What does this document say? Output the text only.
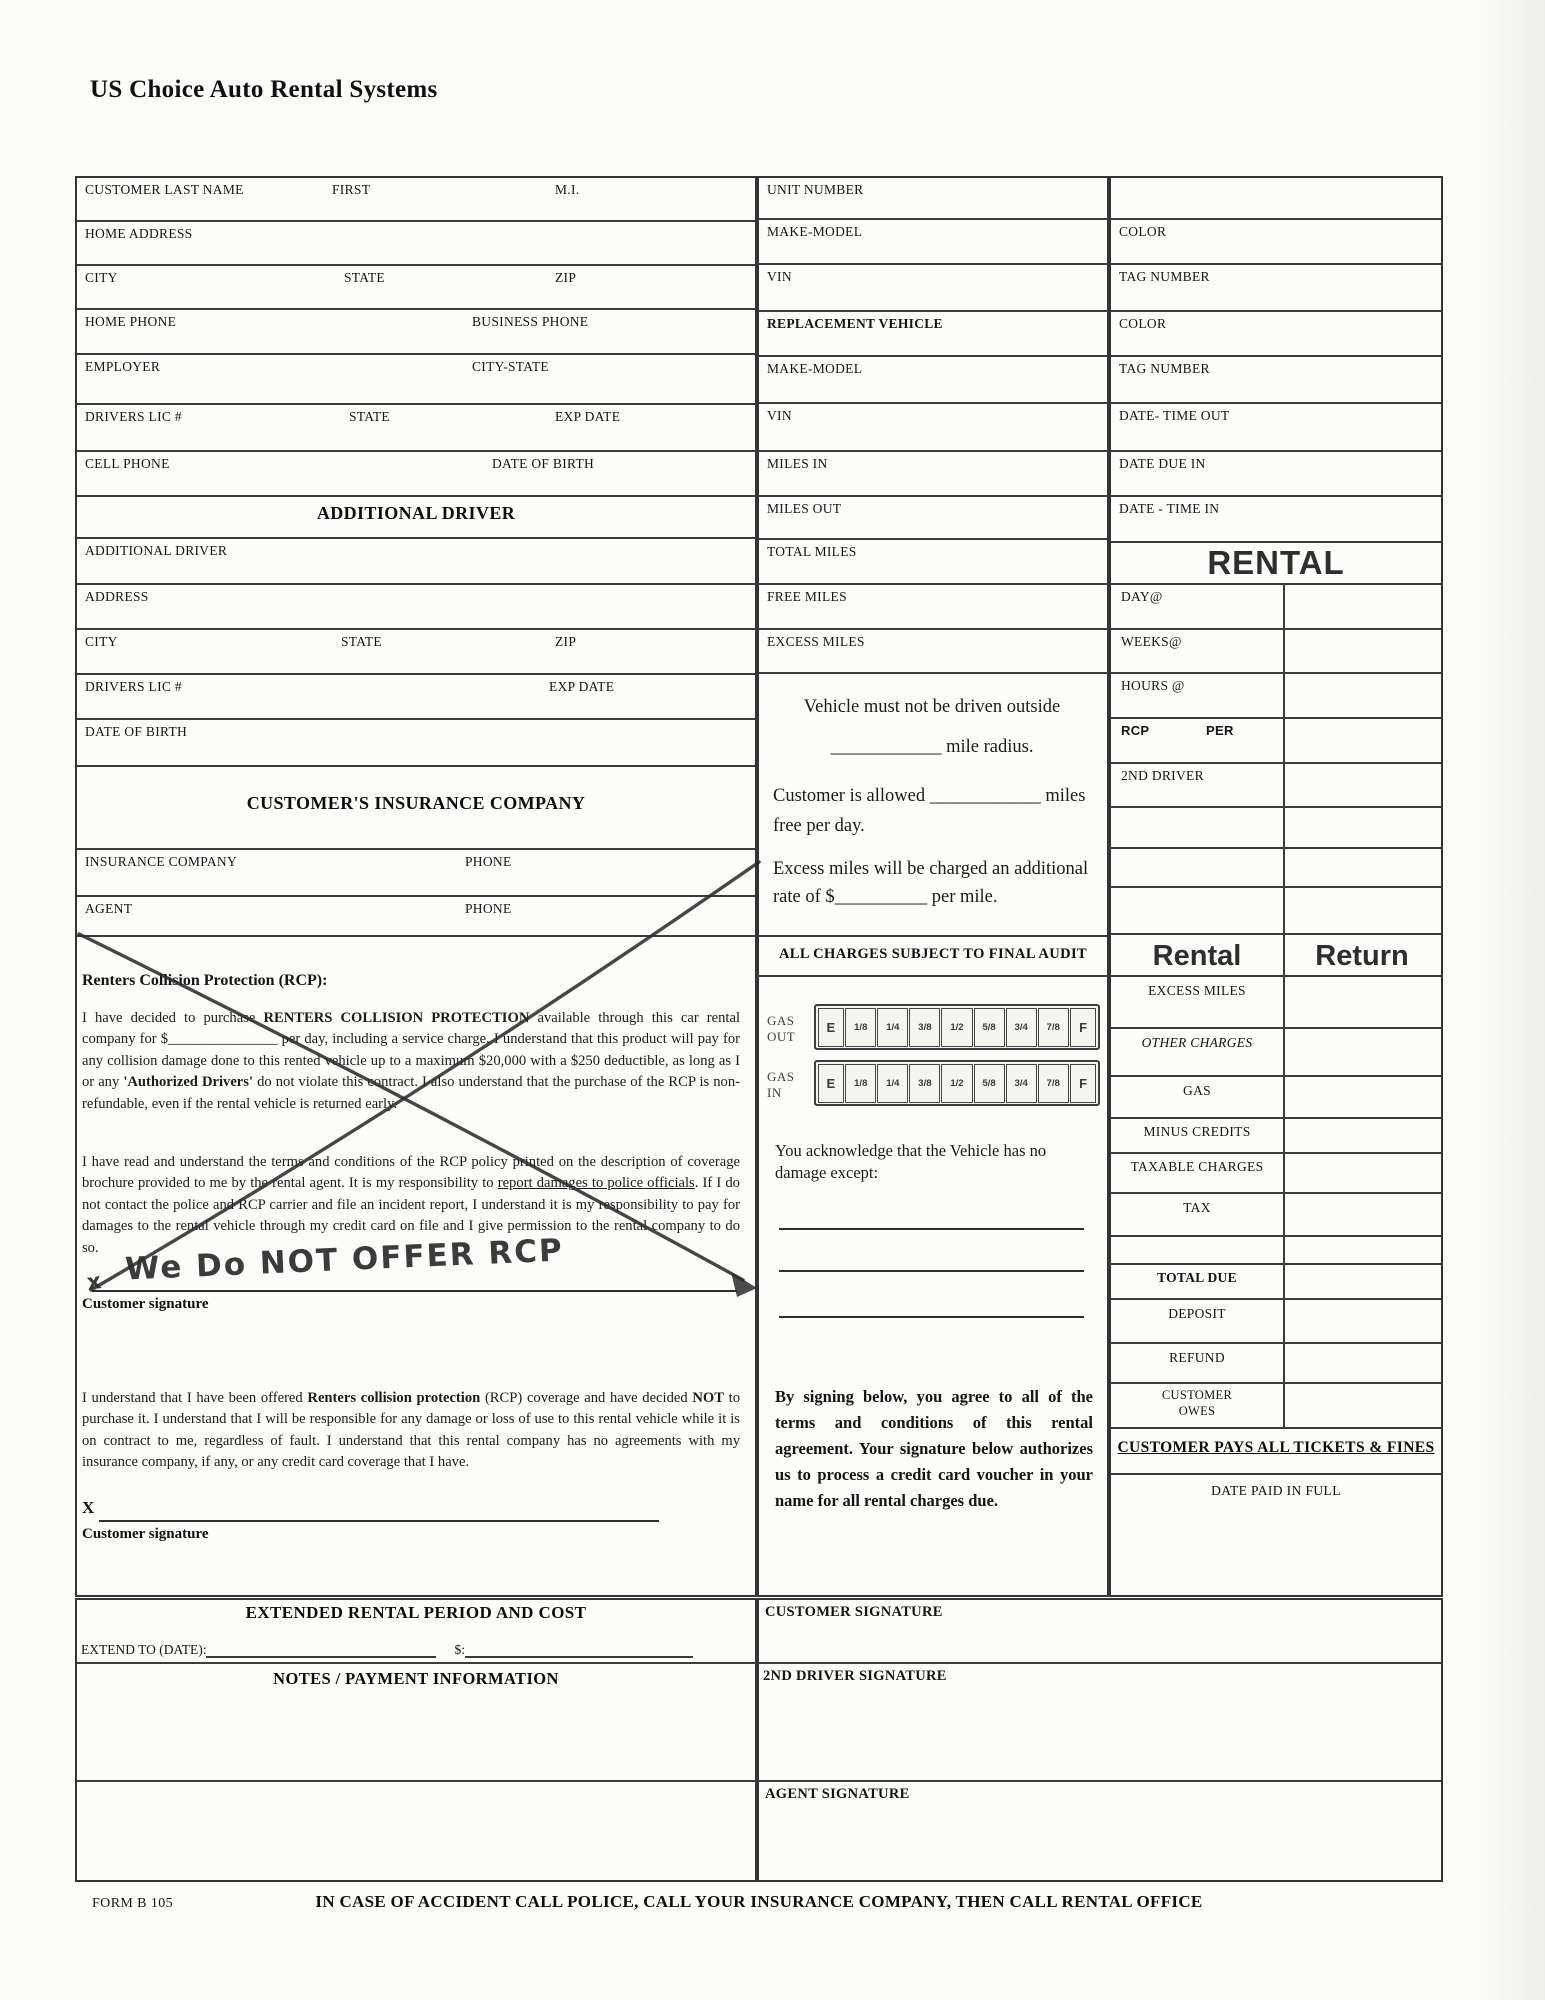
US Choice Auto Rental Systems
CUSTOMER LAST NAME	FIRST	M.I.
HOME ADDRESS
CITY	STATE	ZIP
HOME PHONE	BUSINESS PHONE
EMPLOYER	CITY-STATE
DRIVERS LIC #	STATE	EXP DATE
CELL PHONE	DATE OF BIRTH
ADDITIONAL DRIVER
ADDITIONAL DRIVER
ADDRESS
CITY	STATE	ZIP
DRIVERS LIC #	EXP DATE
DATE OF BIRTH
CUSTOMER'S INSURANCE COMPANY
INSURANCE COMPANY	PHONE
AGENT	PHONE
Renters Collision Protection (RCP):
I have decided to purchase RENTERS COLLISION PROTECTION available through this car rental company for $_______________ per day, including a service charge. I understand that this product will pay for any collision damage done to this rented vehicle up to a maximum $20,000 with a $250 deductible, as long as I or any 'Authorized Drivers' do not violate this contract. I also understand that the purchase of the RCP is non-refundable, even if the rental vehicle is returned early.
I have read and understand the terms and conditions of the RCP policy printed on the description of coverage brochure provided to me by the rental agent. It is my responsibility to report damages to police officials. If I do not contact the police and RCP carrier and file an incident report, I understand it is my responsibility to pay for damages to the rental vehicle through my credit card on file and I give permission to the rental company to do so.
x We Do NOT OFFER RCP
Customer signature
I understand that I have been offered Renters collision protection (RCP) coverage and have decided NOT to purchase it. I understand that I will be responsible for any damage or loss of use to this rental vehicle while it is on contract to me, regardless of fault. I understand that this rental company has no agreements with my insurance company, if any, or any credit card coverage that I have.
X
Customer signature
UNIT NUMBER
MAKE-MODEL
VIN
REPLACEMENT VEHICLE
MAKE-MODEL
VIN
MILES IN
MILES OUT
TOTAL MILES
FREE MILES
EXCESS MILES
Vehicle must not be driven outside ____________ mile radius.
Customer is allowed ____________ miles free per day.
Excess miles will be charged an additional rate of $__________ per mile.
ALL CHARGES SUBJECT TO FINAL AUDIT
GAS OUT
E	1/8	1/4	3/8	1/2	5/8	3/4	7/8	F
GAS IN
E	1/8	1/4	3/8	1/2	5/8	3/4	7/8	F
You acknowledge that the Vehicle has no damage except:
By signing below, you agree to all of the terms and conditions of this rental agreement. Your signature below authorizes us to process a credit card voucher in your name for all rental charges due.
COLOR
TAG NUMBER
COLOR
TAG NUMBER
DATE- TIME OUT
DATE DUE IN
DATE - TIME IN
RENTAL
DAY@
WEEKS@
HOURS @
RCP	PER
2ND DRIVER
Rental	Return
EXCESS MILES
OTHER CHARGES
GAS
MINUS CREDITS
TAXABLE CHARGES
TAX
TOTAL DUE
DEPOSIT
REFUND
CUSTOMER
OWES
CUSTOMER PAYS ALL TICKETS & FINES
DATE PAID IN FULL
EXTENDED RENTAL PERIOD AND COST
EXTEND TO (DATE):	$:
NOTES / PAYMENT INFORMATION
CUSTOMER SIGNATURE
2ND DRIVER SIGNATURE
AGENT SIGNATURE
FORM B 105	IN CASE OF ACCIDENT CALL POLICE, CALL YOUR INSURANCE COMPANY, THEN CALL RENTAL OFFICE
